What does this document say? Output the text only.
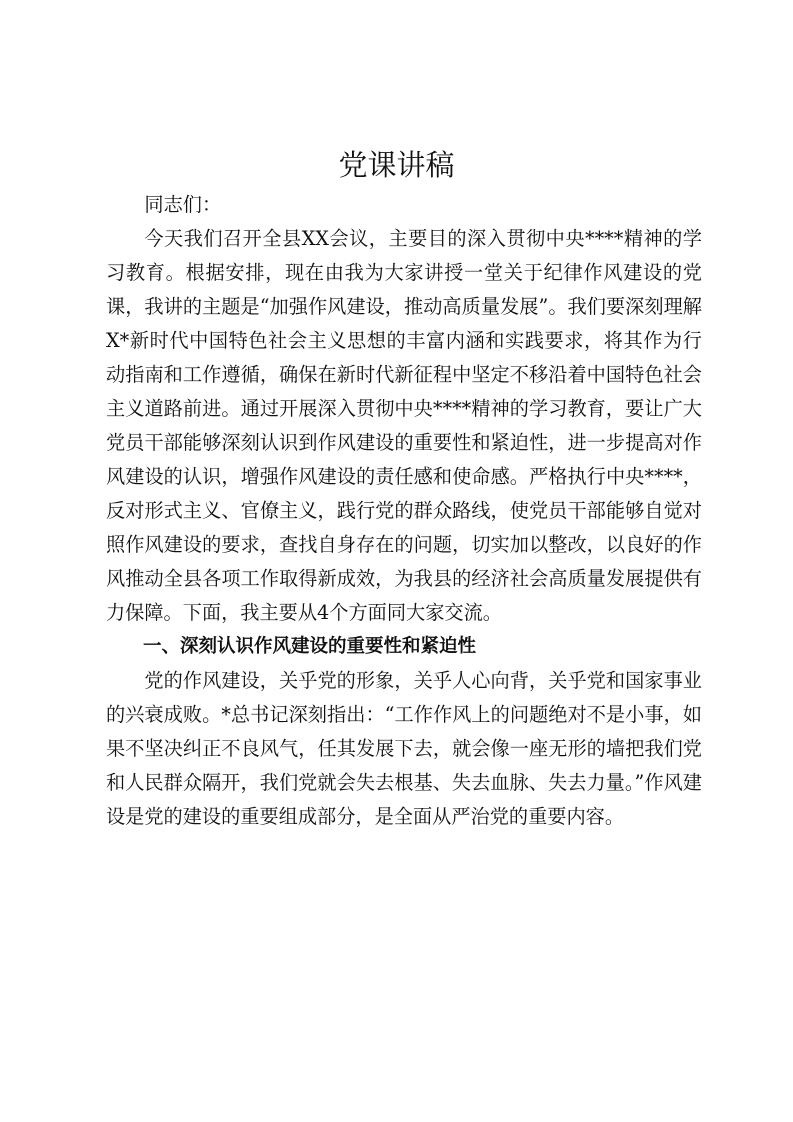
党课讲稿

同志们：

今天我们召开全县XX会议，主要目的深入贯彻中央****精神的学习教育。根据安排，现在由我为大家讲授一堂关于纪律作风建设的党课，我讲的主题是“加强作风建设，推动高质量发展”。我们要深刻理解X*新时代中国特色社会主义思想的丰富内涵和实践要求，将其作为行动指南和工作遵循，确保在新时代新征程中坚定不移沿着中国特色社会主义道路前进。通过开展深入贯彻中央****精神的学习教育，要让广大党员干部能够深刻认识到作风建设的重要性和紧迫性，进一步提高对作风建设的认识，增强作风建设的责任感和使命感。严格执行中央****，反对形式主义、官僚主义，践行党的群众路线，使党员干部能够自觉对照作风建设的要求，查找自身存在的问题，切实加以整改，以良好的作风推动全县各项工作取得新成效，为我县的经济社会高质量发展提供有力保障。下面，我主要从4个方面同大家交流。

一、深刻认识作风建设的重要性和紧迫性

党的作风建设，关乎党的形象，关乎人心向背，关乎党和国家事业的兴衰成败。*总书记深刻指出：“工作作风上的问题绝对不是小事，如果不坚决纠正不良风气，任其发展下去，就会像一座无形的墙把我们党和人民群众隔开，我们党就会失去根基、失去血脉、失去力量。”作风建设是党的建设的重要组成部分，是全面从严治党的重要内容。
